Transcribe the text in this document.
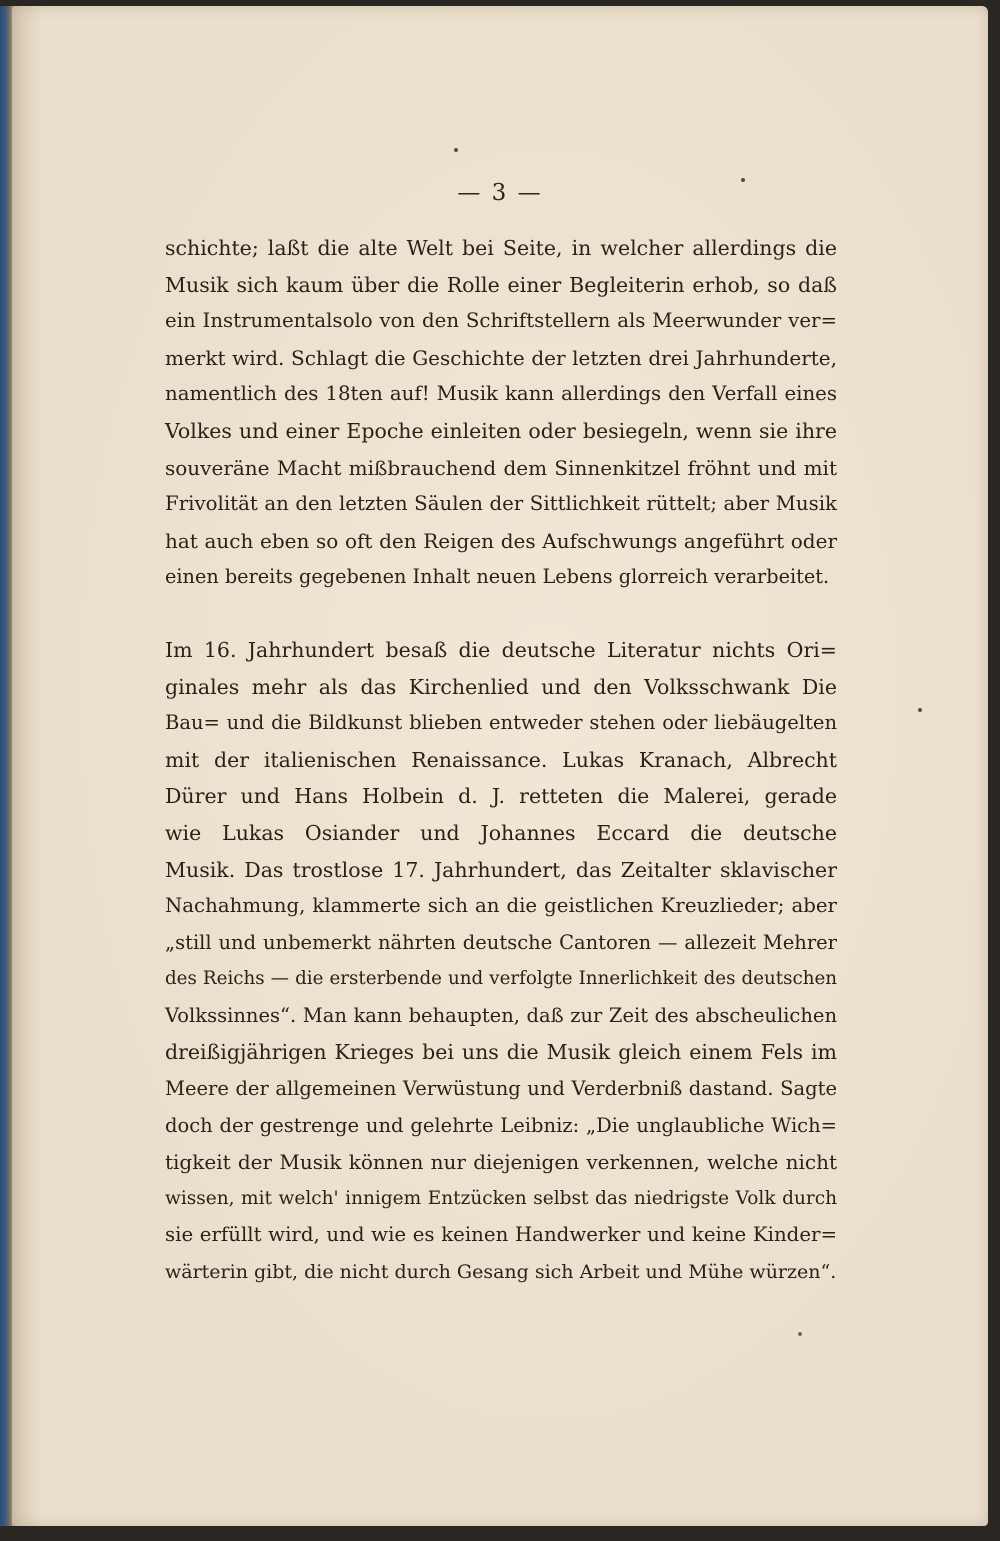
— 3 —
schichte; laßt die alte Welt bei Seite, in welcher allerdings die
Musik sich kaum über die Rolle einer Begleiterin erhob, so daß
ein Instrumentalsolo von den Schriftstellern als Meerwunder ver=
merkt wird. Schlagt die Geschichte der letzten drei Jahrhunderte,
namentlich des 18ten auf! Musik kann allerdings den Verfall eines
Volkes und einer Epoche einleiten oder besiegeln, wenn sie ihre
souveräne Macht mißbrauchend dem Sinnenkitzel fröhnt und mit
Frivolität an den letzten Säulen der Sittlichkeit rüttelt; aber Musik
hat auch eben so oft den Reigen des Aufschwungs angeführt oder
einen bereits gegebenen Inhalt neuen Lebens glorreich verarbeitet.
Im 16. Jahrhundert besaß die deutsche Literatur nichts Ori=
ginales mehr als das Kirchenlied und den Volksschwank Die
Bau= und die Bildkunst blieben entweder stehen oder liebäugelten
mit der italienischen Renaissance. Lukas Kranach, Albrecht
Dürer und Hans Holbein d. J. retteten die Malerei, gerade
wie Lukas Osiander und Johannes Eccard die deutsche
Musik. Das trostlose 17. Jahrhundert, das Zeitalter sklavischer
Nachahmung, klammerte sich an die geistlichen Kreuzlieder; aber
„still und unbemerkt nährten deutsche Cantoren — allezeit Mehrer
des Reichs — die ersterbende und verfolgte Innerlichkeit des deutschen
Volkssinnes“. Man kann behaupten, daß zur Zeit des abscheulichen
dreißigjährigen Krieges bei uns die Musik gleich einem Fels im
Meere der allgemeinen Verwüstung und Verderbniß dastand. Sagte
doch der gestrenge und gelehrte Leibniz: „Die unglaubliche Wich=
tigkeit der Musik können nur diejenigen verkennen, welche nicht
wissen, mit welch' innigem Entzücken selbst das niedrigste Volk durch
sie erfüllt wird, und wie es keinen Handwerker und keine Kinder=
wärterin gibt, die nicht durch Gesang sich Arbeit und Mühe würzen“.
